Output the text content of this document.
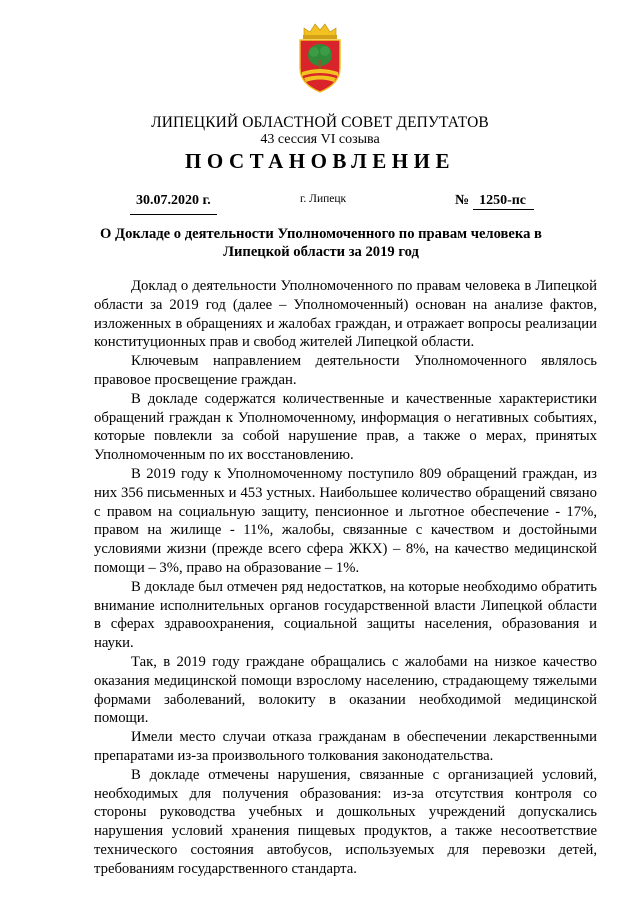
ЛИПЕЦКИЙ ОБЛАСТНОЙ СОВЕТ ДЕПУТАТОВ
43 сессия VI созыва
ПОСТАНОВЛЕНИЕ
30.07.2020 г.	г. Липецк	№ 1250-пс
О Докладе о деятельности Уполномоченного по правам человека в Липецкой области за 2019 год

Доклад о деятельности Уполномоченного по правам человека в Липецкой области за 2019 год (далее – Уполномоченный) основан на анализе фактов, изложенных в обращениях и жалобах граждан, и отражает вопросы реализации конституционных прав и свобод жителей Липецкой области.

Ключевым направлением деятельности Уполномоченного являлось правовое просвещение граждан.

В докладе содержатся количественные и качественные характеристики обращений граждан к Уполномоченному, информация о негативных событиях, которые повлекли за собой нарушение прав, а также о мерах, принятых Уполномоченным по их восстановлению.

В 2019 году к Уполномоченному поступило 809 обращений граждан, из них 356 письменных и 453 устных. Наибольшее количество обращений связано с правом на социальную защиту, пенсионное и льготное обеспечение - 17%, правом на жилище - 11%, жалобы, связанные с качеством и достойными условиями жизни (прежде всего сфера ЖКХ) – 8%, на качество медицинской помощи – 3%, право на образование – 1%.

В докладе был отмечен ряд недостатков, на которые необходимо обратить внимание исполнительных органов государственной власти Липецкой области в сферах здравоохранения, социальной защиты населения, образования и науки.

Так, в 2019 году граждане обращались с жалобами на низкое качество оказания медицинской помощи взрослому населению, страдающему тяжелыми формами заболеваний, волокиту в оказании необходимой медицинской помощи.

Имели место случаи отказа гражданам в обеспечении лекарственными препаратами из-за произвольного толкования законодательства.

В докладе отмечены нарушения, связанные с организацией условий, необходимых для получения образования: из-за отсутствия контроля со стороны руководства учебных и дошкольных учреждений допускались нарушения условий хранения пищевых продуктов, а также несоответствие технического состояния автобусов, используемых для перевозки детей, требованиям государственного стандарта.
